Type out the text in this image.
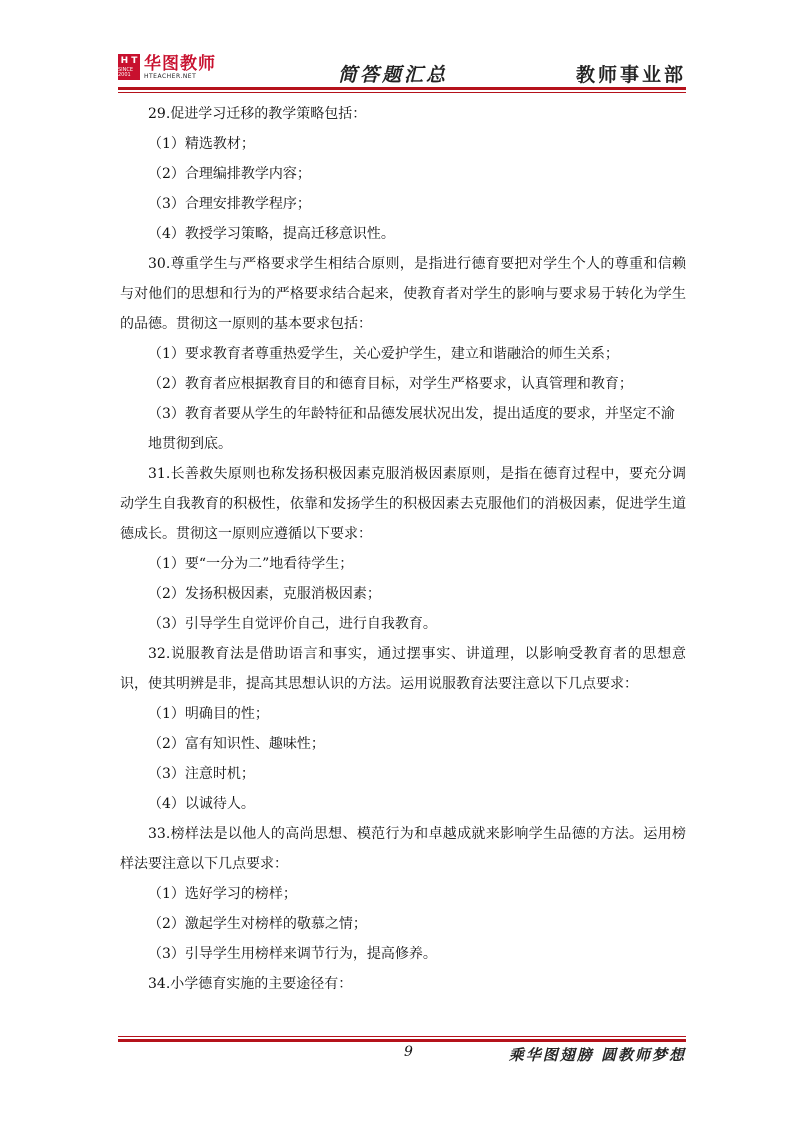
H T
SINCE 2001
华图教师
HTEACHER.NET	简答题汇总	教师事业部

29.促进学习迁移的教学策略包括：

（1）精选教材；

（2）合理编排教学内容；

（3）合理安排教学程序；

（4）教授学习策略，提高迁移意识性。

30.尊重学生与严格要求学生相结合原则，是指进行德育要把对学生个人的尊重和信赖与对他们的思想和行为的严格要求结合起来，使教育者对学生的影响与要求易于转化为学生的品德。贯彻这一原则的基本要求包括：

（1）要求教育者尊重热爱学生，关心爱护学生，建立和谐融洽的师生关系；

（2）教育者应根据教育目的和德育目标，对学生严格要求，认真管理和教育；

（3）教育者要从学生的年龄特征和品德发展状况出发，提出适度的要求，并坚定不渝地贯彻到底。

31.长善救失原则也称发扬积极因素克服消极因素原则，是指在德育过程中，要充分调动学生自我教育的积极性，依靠和发扬学生的积极因素去克服他们的消极因素，促进学生道德成长。贯彻这一原则应遵循以下要求：

（1）要“一分为二”地看待学生；

（2）发扬积极因素，克服消极因素；

（3）引导学生自觉评价自己，进行自我教育。

32.说服教育法是借助语言和事实，通过摆事实、讲道理，以影响受教育者的思想意识，使其明辨是非，提高其思想认识的方法。运用说服教育法要注意以下几点要求：

（1）明确目的性；

（2）富有知识性、趣味性；

（3）注意时机；

（4）以诚待人。

33.榜样法是以他人的高尚思想、模范行为和卓越成就来影响学生品德的方法。运用榜样法要注意以下几点要求：

（1）选好学习的榜样；

（2）激起学生对榜样的敬慕之情；

（3）引导学生用榜样来调节行为，提高修养。

34.小学德育实施的主要途径有：

9	乘华图翅膀 圆教师梦想
